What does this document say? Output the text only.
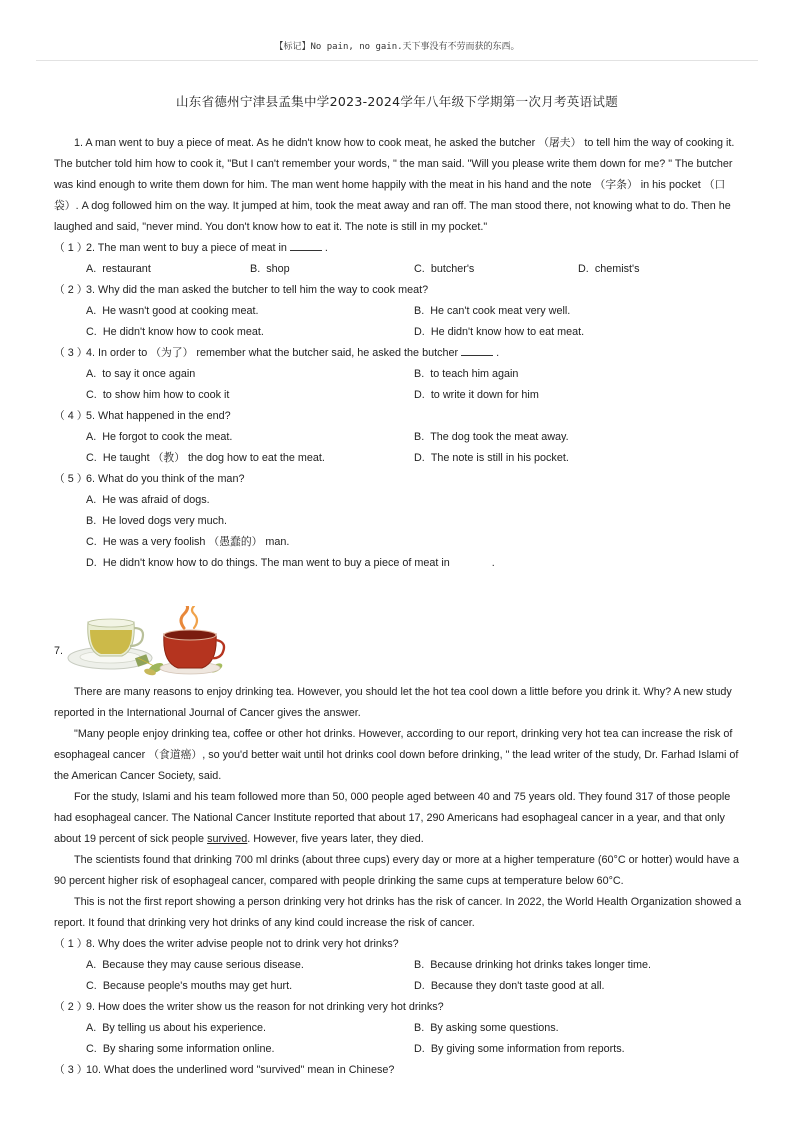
【标记】No pain, no gain.天下事没有不劳而获的东西。
山东省德州宁津县孟集中学2023-2024学年八年级下学期第一次月考英语试题

1. A man went to buy a piece of meat. As he didn't know how to cook meat, he asked the butcher （屠夫） to tell him the way of cooking it. The butcher told him how to cook it, "But I can't remember your words, " the man said. "Will you please write them down for me? " The butcher was kind enough to write them down for him. The man went home happily with the meat in his hand and the note （字条） in his pocket （口袋）. A dog followed him on the way. It jumped at him, took the meat away and ran off. The man stood there, not knowing what to do. Then he laughed and said, "never mind. You don't know how to eat it. The note is still in my pocket."

（ 1 ）2. The man went to buy a piece of meat in	.

A. restaurant	B. shop	C. butcher's	D. chemist's

（ 2 ）3. Why did the man asked the butcher to tell him the way to cook meat?

A. He wasn't good at cooking meat.	B. He can't cook meat very well.
C. He didn't know how to cook meat.	D. He didn't know how to eat meat.

（ 3 ）4. In order to （为了） remember what the butcher said, he asked the butcher	.

A. to say it once again	B. to teach him again
C. to show him how to cook it	D. to write it down for him

（ 4 ）5. What happened in the end?

A. He forgot to cook the meat.	B. The dog took the meat away.
C. He taught （教） the dog how to eat the meat.	D. The note is still in his pocket.

（ 5 ）6. What do you think of the man?

A. He was afraid of dogs.
B. He loved dogs very much.
C. He was a very foolish （愚蠢的） man.
D. He didn't know how to do things. The man went to buy a piece of meat in	.
7.

There are many reasons to enjoy drinking tea. However, you should let the hot tea cool down a little before you drink it. Why? A new study reported in the International Journal of Cancer gives the answer.

"Many people enjoy drinking tea, coffee or other hot drinks. However, according to our report, drinking very hot tea can increase the risk of esophageal cancer （食道癌）, so you'd better wait until hot drinks cool down before drinking, " the lead writer of the study, Dr. Farhad Islami of the American Cancer Society, said.

For the study, Islami and his team followed more than 50, 000 people aged between 40 and 75 years old. They found 317 of those people had esophageal cancer. The National Cancer Institute reported that about 17, 290 Americans had esophageal cancer in a year, and that only about 19 percent of sick people survived. However, five years later, they died.

The scientists found that drinking 700 ml drinks (about three cups) every day or more at a higher temperature (60°C or hotter) would have a 90 percent higher risk of esophageal cancer, compared with people drinking the same cups at temperature below 60°C.

This is not the first report showing a person drinking very hot drinks has the risk of cancer. In 2022, the World Health Organization showed a report. It found that drinking very hot drinks of any kind could increase the risk of cancer.

（ 1 ）8. Why does the writer advise people not to drink very hot drinks?

A. Because they may cause serious disease.	B. Because drinking hot drinks takes longer time.
C. Because people's mouths may get hurt.	D. Because they don't taste good at all.

（ 2 ）9. How does the writer show us the reason for not drinking very hot drinks?

A. By telling us about his experience.	B. By asking some questions.
C. By sharing some information online.	D. By giving some information from reports.

（ 3 ）10. What does the underlined word "survived" mean in Chinese?
